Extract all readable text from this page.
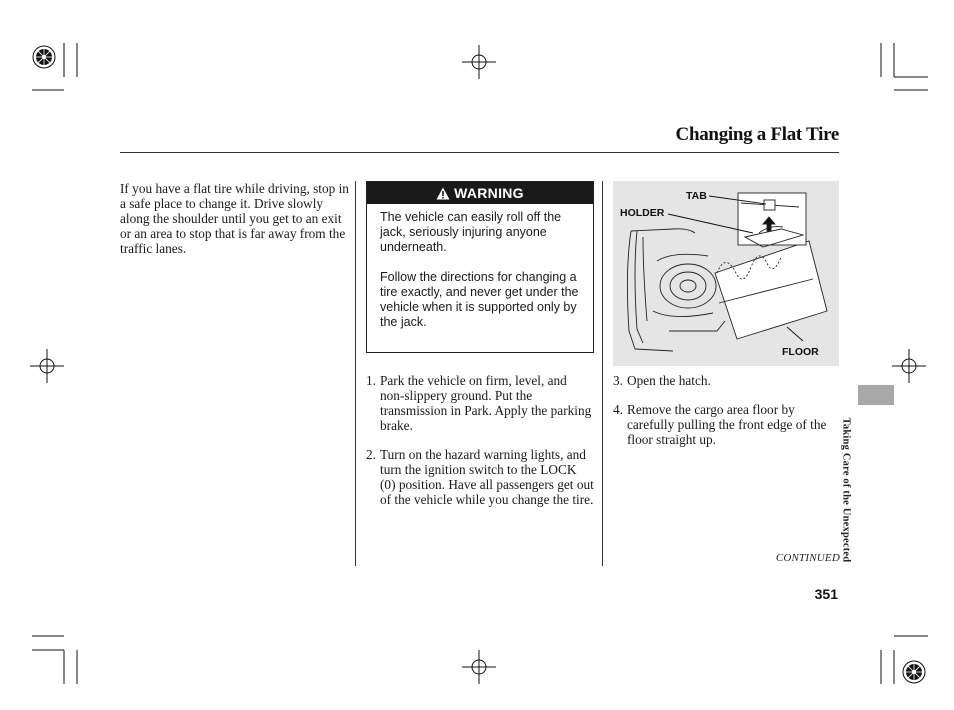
Changing a Flat Tire
If you have a flat tire while driving, stop in a safe place to change it. Drive slowly along the shoulder until you get to an exit or an area to stop that is far away from the traffic lanes.
WARNING
The vehicle can easily roll off the jack, seriously injuring anyone underneath.
Follow the directions for changing a tire exactly, and never get under the vehicle when it is supported only by the jack.
1. Park the vehicle on firm, level, and non-slippery ground. Put the transmission in Park. Apply the parking brake.
2. Turn on the hazard warning lights, and turn the ignition switch to the LOCK (0) position. Have all passengers get out of the vehicle while you change the tire.
TAB
HOLDER
FLOOR
3. Open the hatch.
4. Remove the cargo area floor by carefully pulling the front edge of the floor straight up.
CONTINUED
351
Taking Care of the Unexpected
